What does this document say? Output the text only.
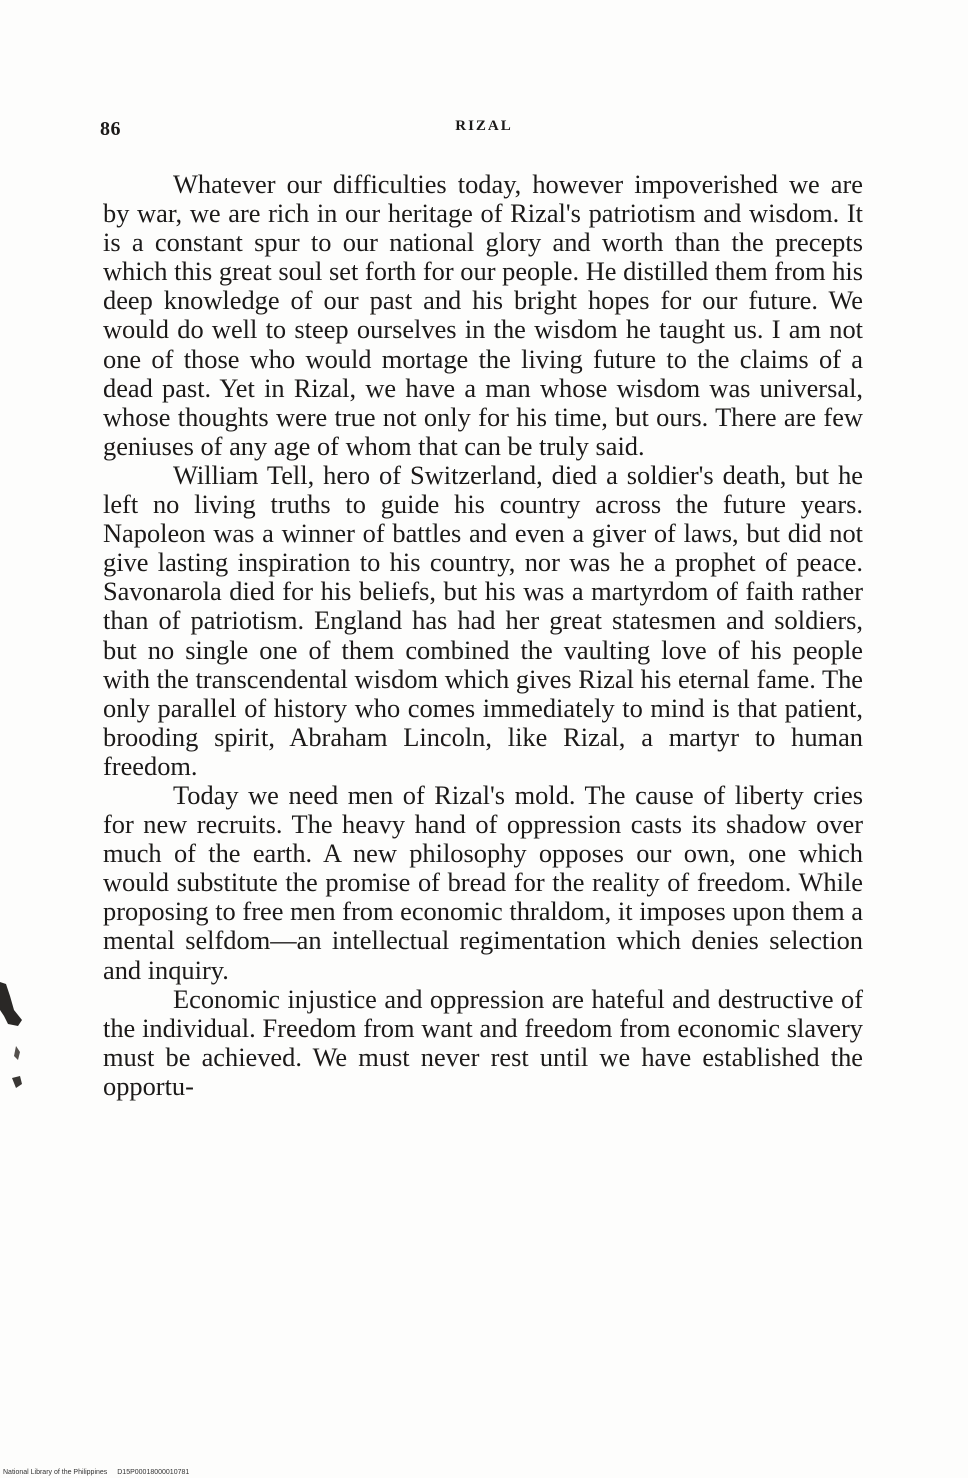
86	RIZAL

Whatever our difficulties today, however impoverished we are by war, we are rich in our heritage of Rizal's patriotism and wisdom. It is a constant spur to our national glory and worth than the precepts which this great soul set forth for our people. He distilled them from his deep knowledge of our past and his bright hopes for our future. We would do well to steep ourselves in the wisdom he taught us. I am not one of those who would mortage the living future to the claims of a dead past. Yet in Rizal, we have a man whose wisdom was universal, whose thoughts were true not only for his time, but ours. There are few geniuses of any age of whom that can be truly said.

William Tell, hero of Switzerland, died a soldier's death, but he left no living truths to guide his country across the future years. Napoleon was a winner of battles and even a giver of laws, but did not give lasting inspiration to his country, nor was he a prophet of peace. Savonarola died for his beliefs, but his was a martyrdom of faith rather than of patriotism. England has had her great statesmen and soldiers, but no single one of them combined the vaulting love of his people with the transcendental wisdom which gives Rizal his eternal fame. The only parallel of history who comes immediately to mind is that patient, brooding spirit, Abraham Lincoln, like Rizal, a martyr to human freedom.

Today we need men of Rizal's mold. The cause of liberty cries for new recruits. The heavy hand of oppression casts its shadow over much of the earth. A new philosophy opposes our own, one which would substitute the promise of bread for the reality of freedom. While proposing to free men from economic thraldom, it imposes upon them a mental selfdom—an intellectual regimentation which denies selection and inquiry.

Economic injustice and oppression are hateful and destructive of the individual. Freedom from want and freedom from economic slavery must be achieved. We must never rest until we have established the opportu-

National Library of the Philippines D15P00018000010781
